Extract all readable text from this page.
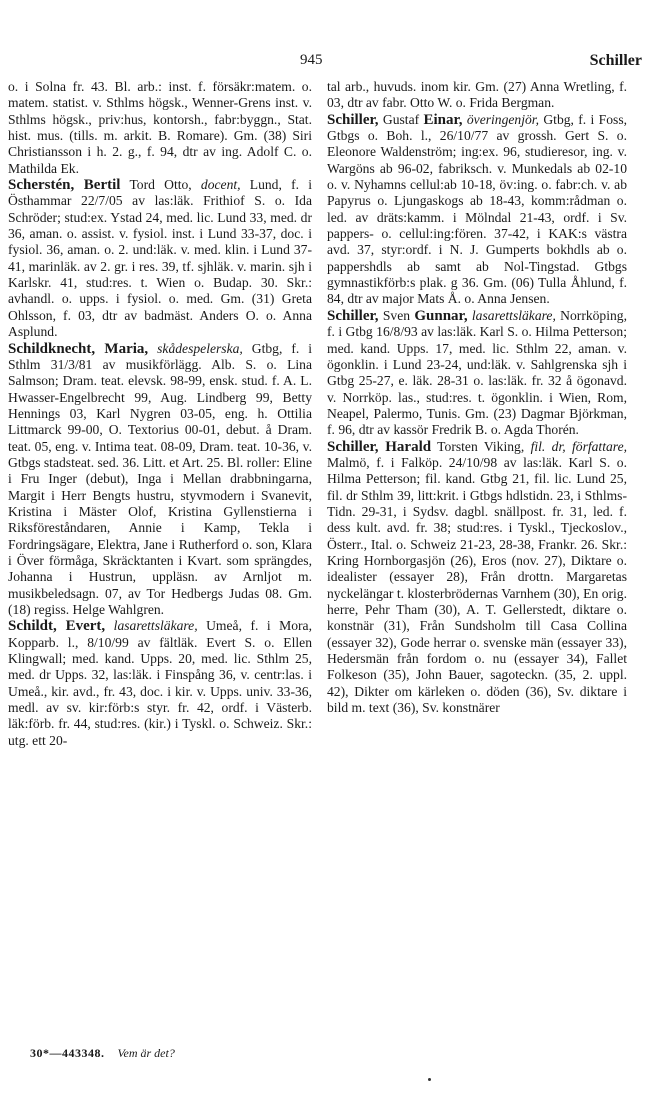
945	Schiller

o. i Solna fr. 43. Bl. arb.: inst. f. försäkr:matem. o. matem. statist. v. Sthlms högsk., Wenner-Grens inst. v. Sthlms högsk., priv:hus, kontorsh., fabr:byggn., Stat. hist. mus. (tills. m. arkit. B. Romare). Gm. (38) Siri Christiansson i h. 2. g., f. 94, dtr av ing. Adolf C. o. Mathilda Ek.

Scherstén, Bertil Tord Otto, docent, Lund, f. i Östhammar 22/7/05 av las:läk. Frithiof S. o. Ida Schröder; stud:ex. Ystad 24, med. lic. Lund 33, med. dr 36, aman. o. assist. v. fysiol. inst. i Lund 33-37, doc. i fysiol. 36, aman. o. 2. und:läk. v. med. klin. i Lund 37-41, marinläk. av 2. gr. i res. 39, tf. sjhläk. v. marin. sjh i Karlskr. 41, stud:res. t. Wien o. Budap. 30. Skr.: avhandl. o. upps. i fysiol. o. med. Gm. (31) Greta Ohlsson, f. 03, dtr av badmäst. Anders O. o. Anna Asplund.

Schildknecht, Maria, skådespelerska, Gtbg, f. i Sthlm 31/3/81 av musikförlägg. Alb. S. o. Lina Salmson; Dram. teat. elevsk. 98-99, ensk. stud. f. A. L. Hwasser-Engelbrecht 99, Aug. Lindberg 99, Betty Hennings 03, Karl Nygren 03-05, eng. h. Ottilia Littmarck 99-00, O. Textorius 00-01, debut. å Dram. teat. 05, eng. v. Intima teat. 08-09, Dram. teat. 10-36, v. Gtbgs stadsteat. sed. 36. Litt. et Art. 25. Bl. roller: Eline i Fru Inger (debut), Inga i Mellan drabbningarna, Margit i Herr Bengts hustru, styvmodern i Svanevit, Kristina i Mäster Olof, Kristina Gyllenstierna i Riksföreståndaren, Annie i Kamp, Tekla i Fordringsägare, Elektra, Jane i Rutherford o. son, Klara i Över förmåga, Skräcktanten i Kvart. som sprängdes, Johanna i Hustrun, uppläsn. av Arnljot m. musikbeledsagn. 07, av Tor Hedbergs Judas 08. Gm. (18) regiss. Helge Wahlgren.

Schildt, Evert, lasarettsläkare, Umeå, f. i Mora, Kopparb. l., 8/10/99 av fältläk. Evert S. o. Ellen Klingwall; med. kand. Upps. 20, med. lic. Sthlm 25, med. dr Upps. 32, las:läk. i Finspång 36, v. centr:las. i Umeå., kir. avd., fr. 43, doc. i kir. v. Upps. univ. 33-36, medl. av sv. kir:förb:s styr. fr. 42, ordf. i Västerb. läk:förb. fr. 44, stud:res. (kir.) i Tyskl. o. Schweiz. Skr.: utg. ett 20-

tal arb., huvuds. inom kir. Gm. (27) Anna Wretling, f. 03, dtr av fabr. Otto W. o. Frida Bergman.

Schiller, Gustaf Einar, överingenjör, Gtbg, f. i Foss, Gtbgs o. Boh. l., 26/10/77 av grossh. Gert S. o. Eleonore Waldenström; ing:ex. 96, studieresor, ing. v. Wargöns ab 96-02, fabriksch. v. Munkedals ab 02-10 o. v. Nyhamns cellul:ab 10-18, öv:ing. o. fabr:ch. v. ab Papyrus o. Ljungaskogs ab 18-43, komm:rådman o. led. av dräts:kamm. i Mölndal 21-43, ordf. i Sv. pappers- o. cellul:ing:fören. 37-42, i KAK:s västra avd. 37, styr:ordf. i N. J. Gumperts bokhdls ab o. pappershdls ab samt ab Nol-Tingstad. Gtbgs gymnastikförb:s plak. g 36. Gm. (06) Tulla Åhlund, f. 84, dtr av major Mats Å. o. Anna Jensen.

Schiller, Sven Gunnar, lasarettsläkare, Norrköping, f. i Gtbg 16/8/93 av las:läk. Karl S. o. Hilma Petterson; med. kand. Upps. 17, med. lic. Sthlm 22, aman. v. ögonklin. i Lund 23-24, und:läk. v. Sahlgrenska sjh i Gtbg 25-27, e. läk. 28-31 o. las:läk. fr. 32 å ögonavd. v. Norrköp. las., stud:res. t. ögonklin. i Wien, Rom, Neapel, Palermo, Tunis. Gm. (23) Dagmar Björkman, f. 96, dtr av kassör Fredrik B. o. Agda Thorén.

Schiller, Harald Torsten Viking, fil. dr, författare, Malmö, f. i Falköp. 24/10/98 av las:läk. Karl S. o. Hilma Petterson; fil. kand. Gtbg 21, fil. lic. Lund 25, fil. dr Sthlm 39, litt:krit. i Gtbgs hdlstidn. 23, i Sthlms-Tidn. 29-31, i Sydsv. dagbl. snällpost. fr. 31, led. f. dess kult. avd. fr. 38; stud:res. i Tyskl., Tjeckoslov., Österr., Ital. o. Schweiz 21-23, 28-38, Frankr. 26. Skr.: Kring Hornborgasjön (26), Eros (nov. 27), Diktare o. idealister (essayer 28), Från drottn. Margaretas nyckelängar t. klosterbrödernas Varnhem (30), En orig. herre, Pehr Tham (30), A. T. Gellerstedt, diktare o. konstnär (31), Från Sundsholm till Casa Collina (essayer 32), Gode herrar o. svenske män (essayer 33), Hedersmän från fordom o. nu (essayer 34), Fallet Folkeson (35), John Bauer, sagoteckn. (35, 2. uppl. 42), Dikter om kärleken o. döden (36), Sv. diktare i bild m. text (36), Sv. konstnärer

30*—443348. Vem är det?
